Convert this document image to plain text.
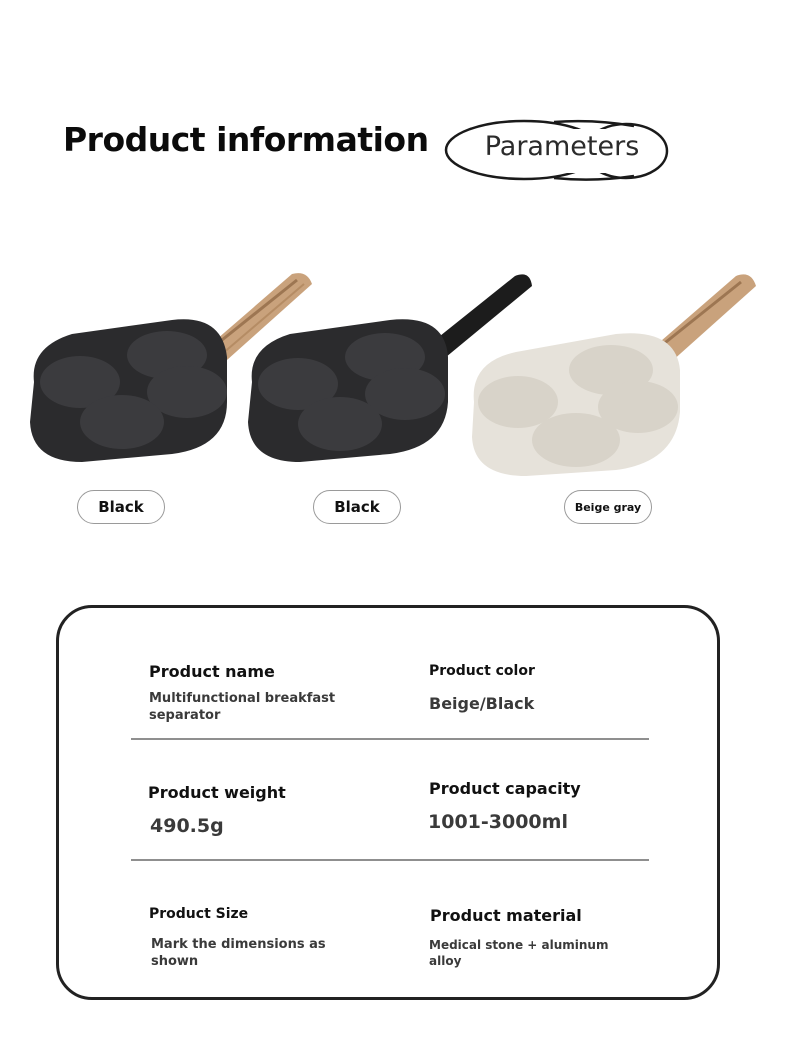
Product information	Parameters
Black	Black	Beige gray
Product name
Multifunctional breakfast
separator
Product color
Beige/Black
Product weight
490.5g
Product capacity
1001-3000ml
Product Size
Mark the dimensions as
shown
Product material
Medical stone + aluminum
alloy
